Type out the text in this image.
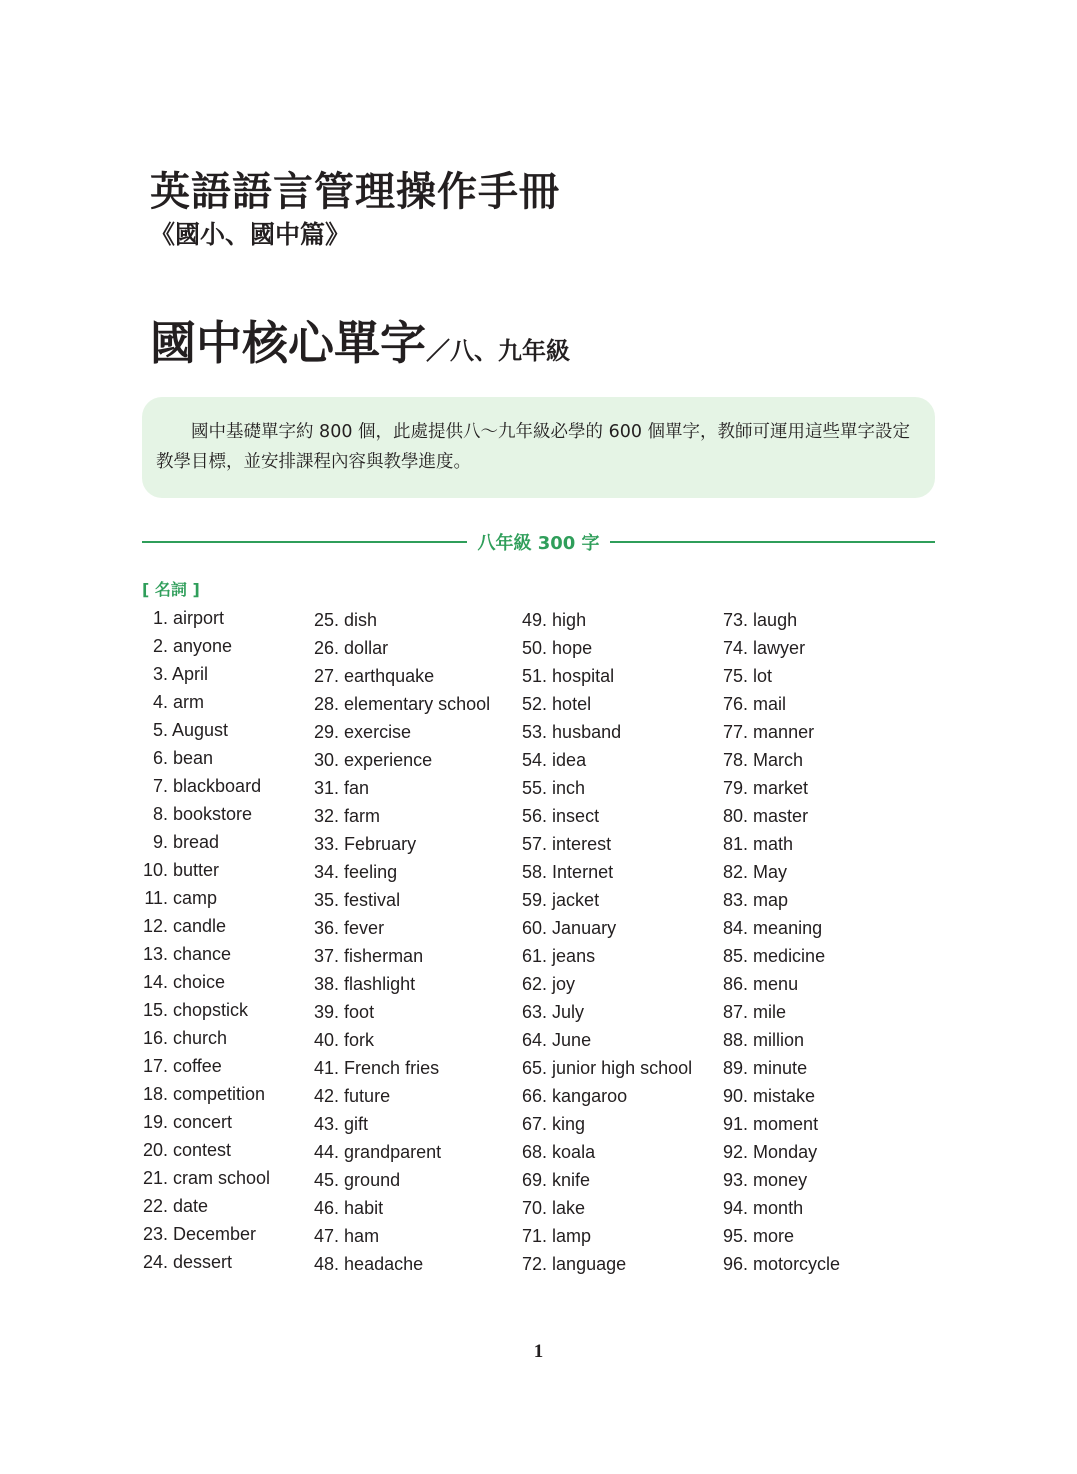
英語語言管理操作手冊
《國小、國中篇》
國中核心單字／八、九年級

國中基礎單字約 800 個，此處提供八～九年級必學的 600 個單字，教師可運用這些單字設定教學目標，並安排課程內容與教學進度。

八年級 300 字
[ 名詞 ]
1. airport
2. anyone
3. April
4. arm
5. August
6. bean
7. blackboard
8. bookstore
9. bread
10. butter
11. camp
12. candle
13. chance
14. choice
15. chopstick
16. church
17. coffee
18. competition
19. concert
20. contest
21. cram school
22. date
23. December
24. dessert
25. dish
26. dollar
27. earthquake
28. elementary school
29. exercise
30. experience
31. fan
32. farm
33. February
34. feeling
35. festival
36. fever
37. fisherman
38. flashlight
39. foot
40. fork
41. French fries
42. future
43. gift
44. grandparent
45. ground
46. habit
47. ham
48. headache
49. high
50. hope
51. hospital
52. hotel
53. husband
54. idea
55. inch
56. insect
57. interest
58. Internet
59. jacket
60. January
61. jeans
62. joy
63. July
64. June
65. junior high school
66. kangaroo
67. king
68. koala
69. knife
70. lake
71. lamp
72. language
73. laugh
74. lawyer
75. lot
76. mail
77. manner
78. March
79. market
80. master
81. math
82. May
83. map
84. meaning
85. medicine
86. menu
87. mile
88. million
89. minute
90. mistake
91. moment
92. Monday
93. money
94. month
95. more
96. motorcycle
1
